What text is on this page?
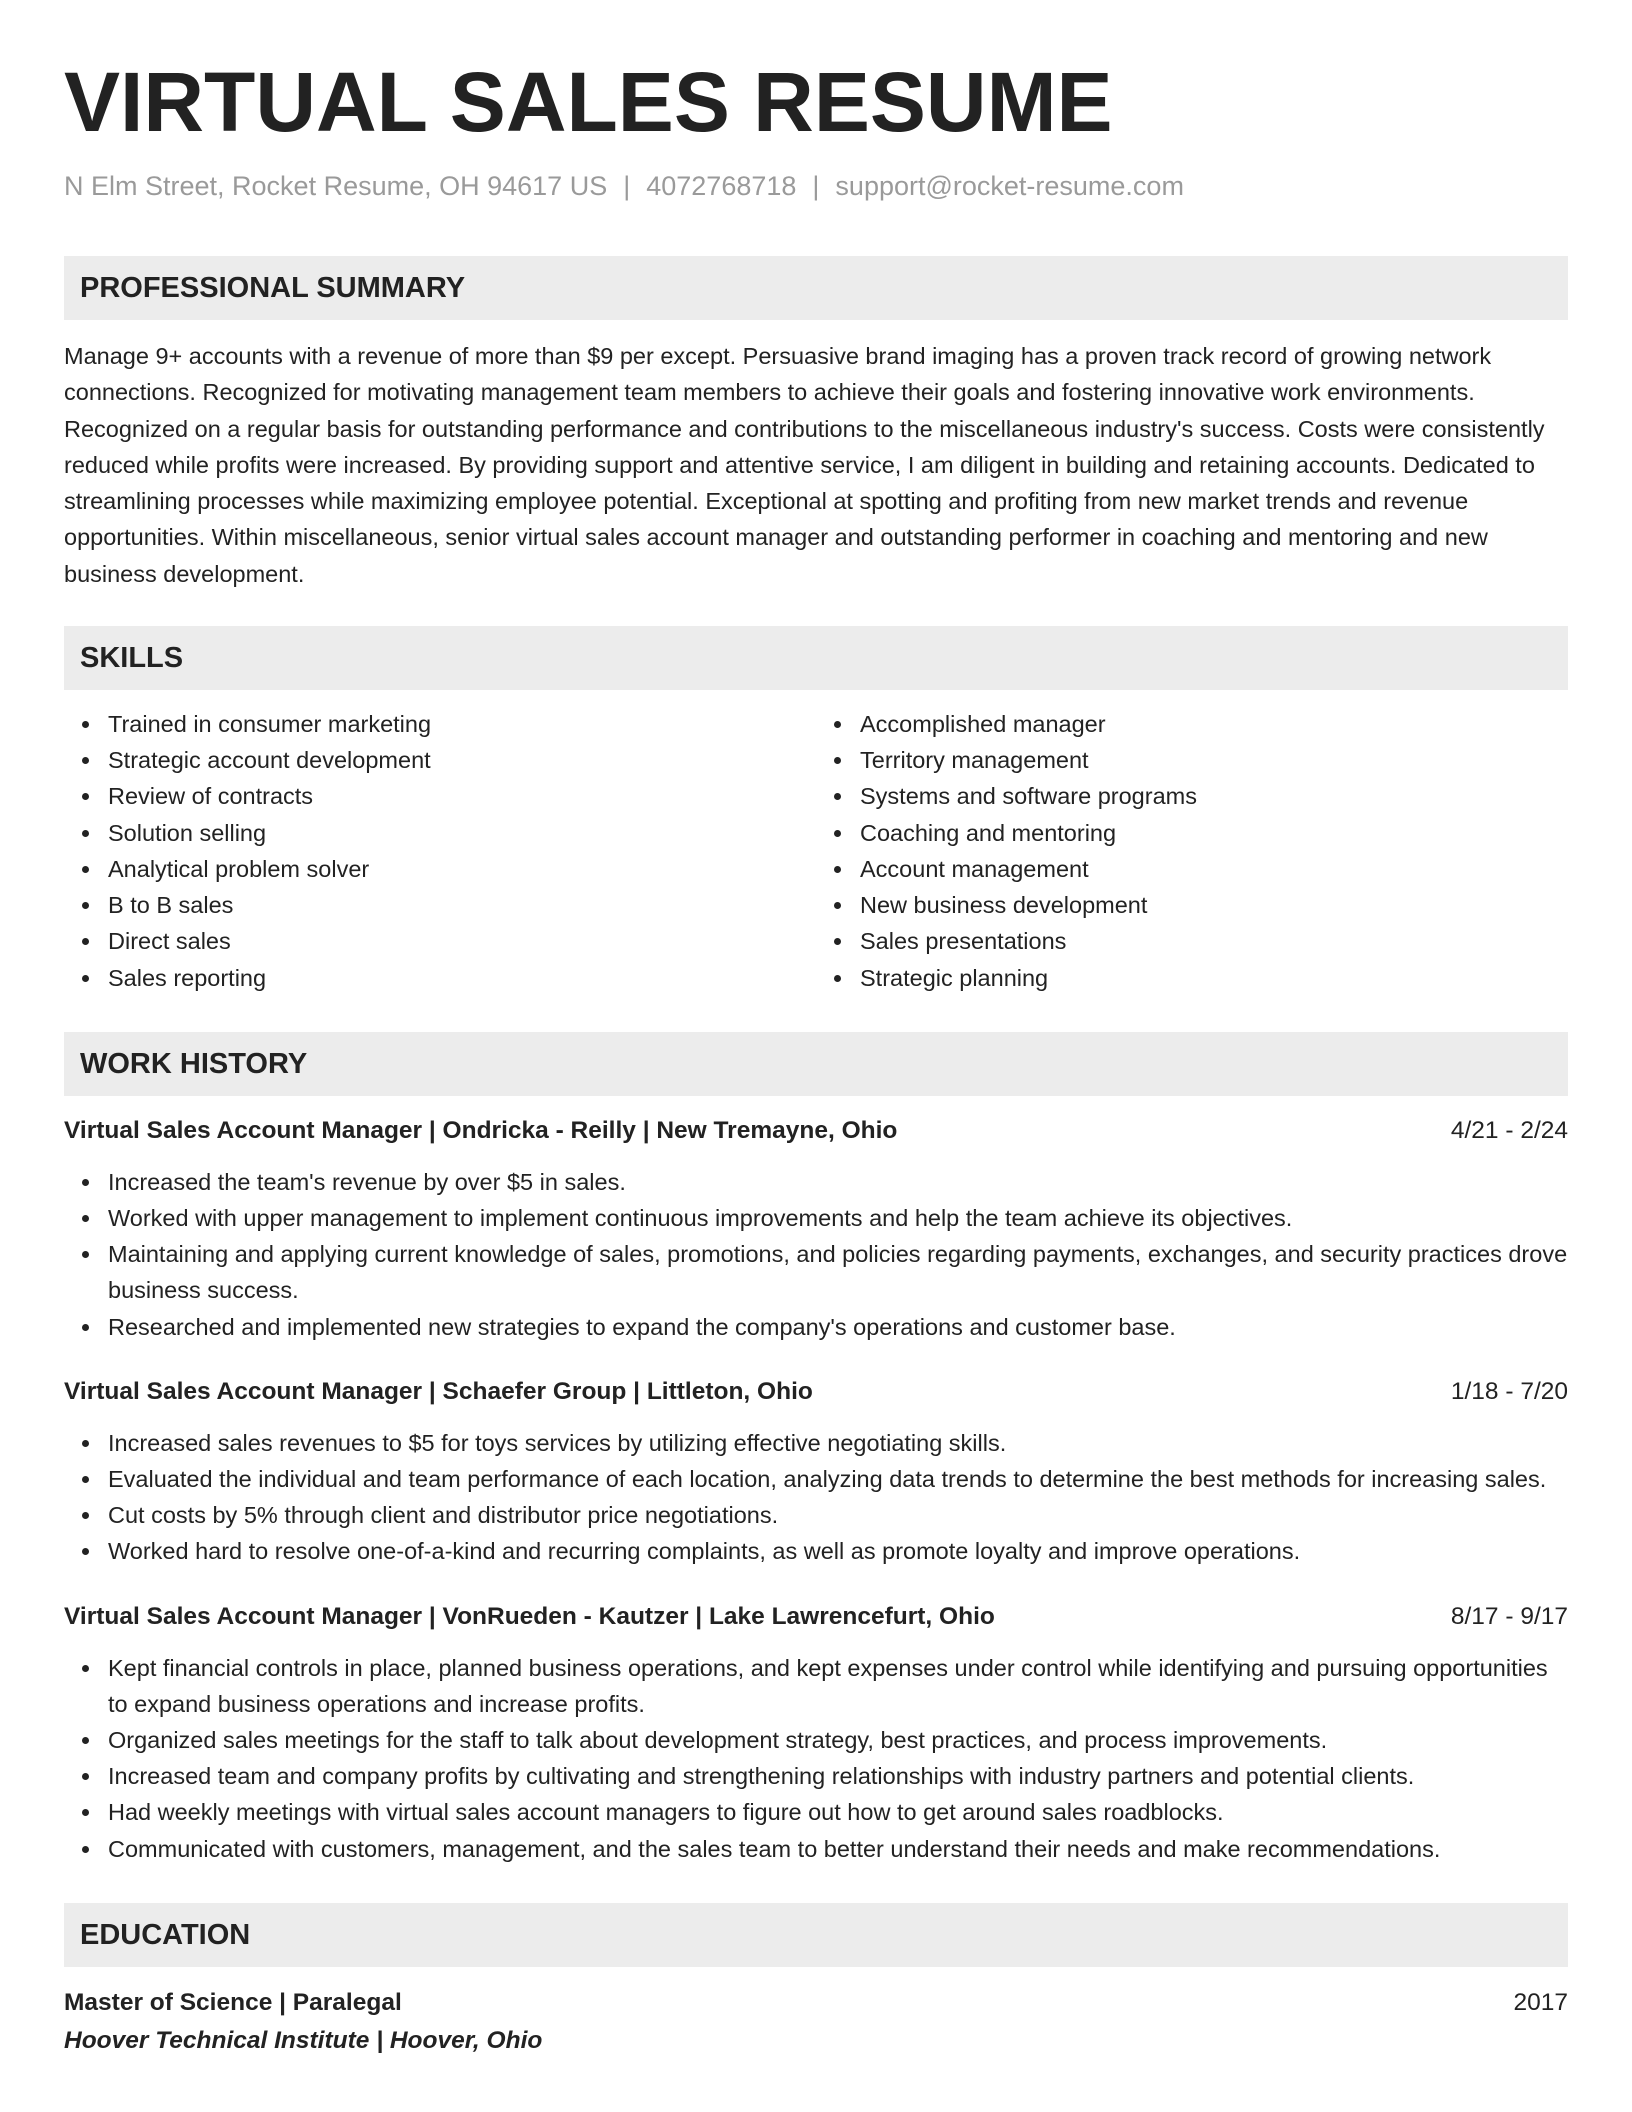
VIRTUAL SALES RESUME
N Elm Street, Rocket Resume, OH 94617 US | 4072768718 | support@rocket-resume.com
PROFESSIONAL SUMMARY
Manage 9+ accounts with a revenue of more than $9 per except. Persuasive brand imaging has a proven track record of growing network connections. Recognized for motivating management team members to achieve their goals and fostering innovative work environments. Recognized on a regular basis for outstanding performance and contributions to the miscellaneous industry's success. Costs were consistently reduced while profits were increased. By providing support and attentive service, I am diligent in building and retaining accounts. Dedicated to streamlining processes while maximizing employee potential. Exceptional at spotting and profiting from new market trends and revenue opportunities. Within miscellaneous, senior virtual sales account manager and outstanding performer in coaching and mentoring and new business development.
SKILLS
Trained in consumer marketing
Strategic account development
Review of contracts
Solution selling
Analytical problem solver
B to B sales
Direct sales
Sales reporting
Accomplished manager
Territory management
Systems and software programs
Coaching and mentoring
Account management
New business development
Sales presentations
Strategic planning
WORK HISTORY
Virtual Sales Account Manager | Ondricka - Reilly | New Tremayne, Ohio	4/21 - 2/24
Increased the team's revenue by over $5 in sales.
Worked with upper management to implement continuous improvements and help the team achieve its objectives.
Maintaining and applying current knowledge of sales, promotions, and policies regarding payments, exchanges, and security practices drove business success.
Researched and implemented new strategies to expand the company's operations and customer base.
Virtual Sales Account Manager | Schaefer Group | Littleton, Ohio	1/18 - 7/20
Increased sales revenues to $5 for toys services by utilizing effective negotiating skills.
Evaluated the individual and team performance of each location, analyzing data trends to determine the best methods for increasing sales.
Cut costs by 5% through client and distributor price negotiations.
Worked hard to resolve one-of-a-kind and recurring complaints, as well as promote loyalty and improve operations.
Virtual Sales Account Manager | VonRueden - Kautzer | Lake Lawrencefurt, Ohio	8/17 - 9/17
Kept financial controls in place, planned business operations, and kept expenses under control while identifying and pursuing opportunities to expand business operations and increase profits.
Organized sales meetings for the staff to talk about development strategy, best practices, and process improvements.
Increased team and company profits by cultivating and strengthening relationships with industry partners and potential clients.
Had weekly meetings with virtual sales account managers to figure out how to get around sales roadblocks.
Communicated with customers, management, and the sales team to better understand their needs and make recommendations.
EDUCATION
Master of Science | Paralegal	2017
Hoover Technical Institute | Hoover, Ohio
